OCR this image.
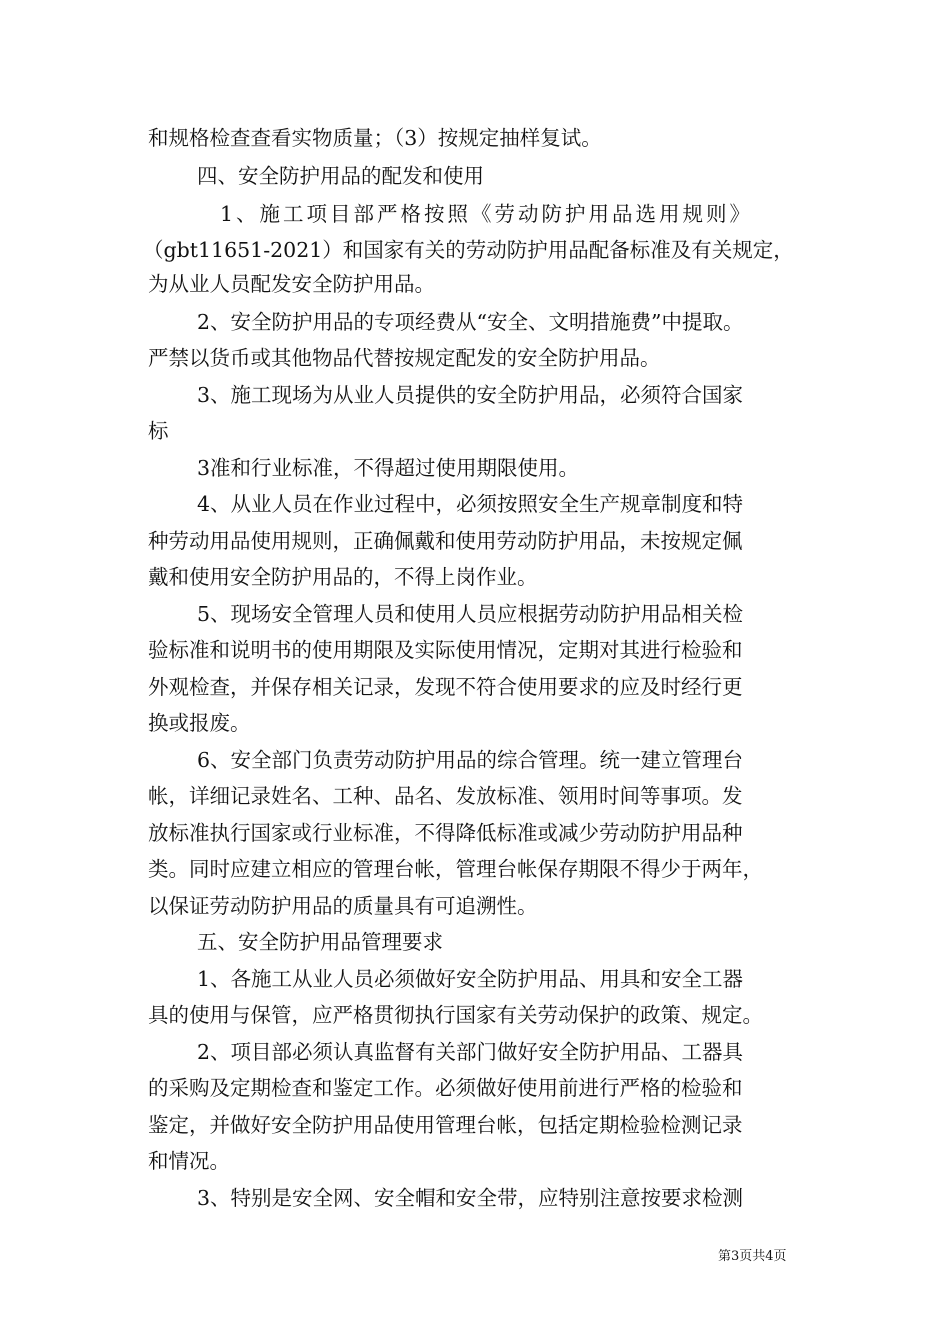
和规格检查查看实物质量；（3）按规定抽样复试。
四、安全防护用品的配发和使用
1、施工项目部严格按照《劳动防护用品选用规则》
（gbt11651-2021）和国家有关的劳动防护用品配备标准及有关规定，
为从业人员配发安全防护用品。
2、安全防护用品的专项经费从“安全、文明措施费”中提取。
严禁以货币或其他物品代替按规定配发的安全防护用品。
3、施工现场为从业人员提供的安全防护用品，必须符合国家
标
3准和行业标准，不得超过使用期限使用。
4、从业人员在作业过程中，必须按照安全生产规章制度和特
种劳动用品使用规则，正确佩戴和使用劳动防护用品，未按规定佩
戴和使用安全防护用品的，不得上岗作业。
5、现场安全管理人员和使用人员应根据劳动防护用品相关检
验标准和说明书的使用期限及实际使用情况，定期对其进行检验和
外观检查，并保存相关记录，发现不符合使用要求的应及时经行更
换或报废。
6、安全部门负责劳动防护用品的综合管理。统一建立管理台
帐，详细记录姓名、工种、品名、发放标准、领用时间等事项。发
放标准执行国家或行业标准，不得降低标准或减少劳动防护用品种
类。同时应建立相应的管理台帐，管理台帐保存期限不得少于两年，
以保证劳动防护用品的质量具有可追溯性。
五、安全防护用品管理要求
1、各施工从业人员必须做好安全防护用品、用具和安全工器
具的使用与保管，应严格贯彻执行国家有关劳动保护的政策、规定。
2、项目部必须认真监督有关部门做好安全防护用品、工器具
的采购及定期检查和鉴定工作。必须做好使用前进行严格的检验和
鉴定，并做好安全防护用品使用管理台帐，包括定期检验检测记录
和情况。
3、特别是安全网、安全帽和安全带，应特别注意按要求检测
第3页共4页
